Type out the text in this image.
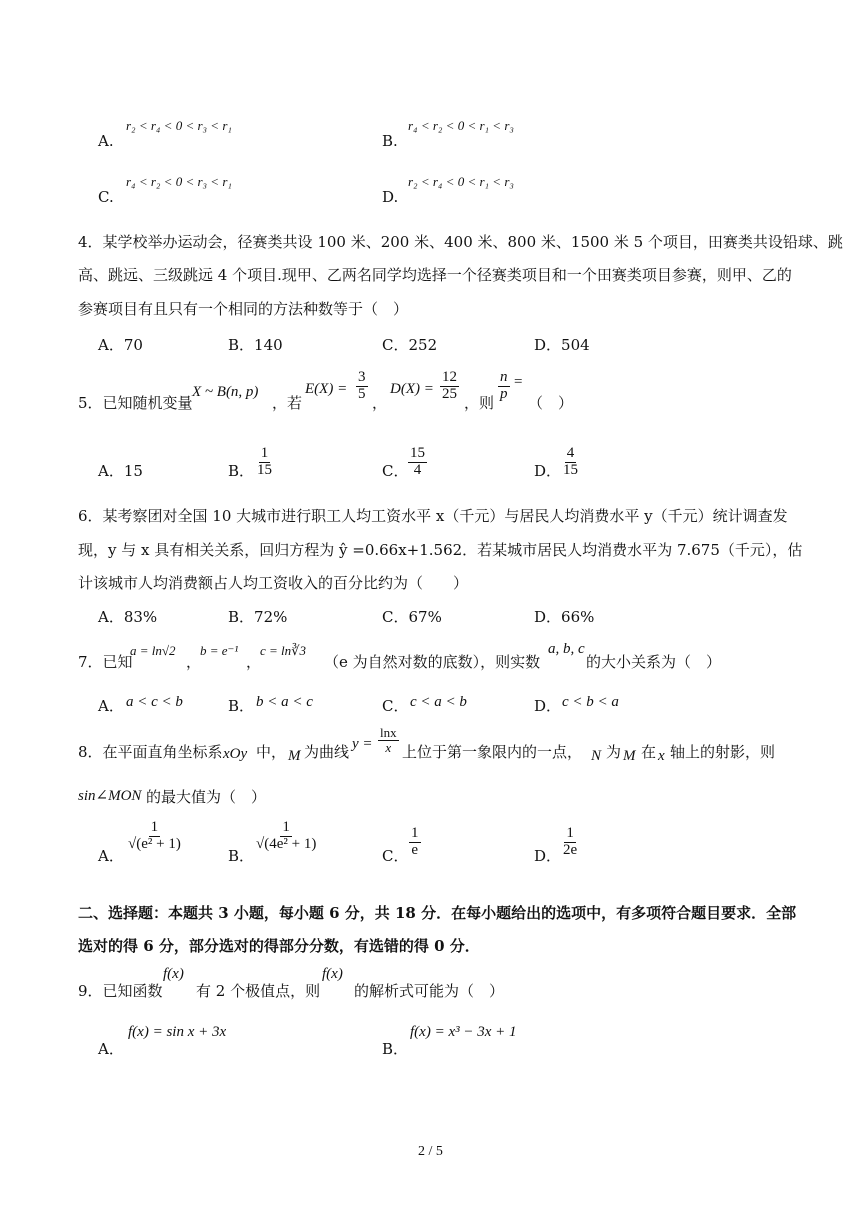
A.
r₂ < r₄ < 0 < r₃ < r₁
B.
r₄ < r₂ < 0 < r₁ < r₃
C.
r₄ < r₂ < 0 < r₃ < r₁
D.
r₂ < r₄ < 0 < r₁ < r₃
4．某学校举办运动会，径赛类共设 100 米、200 米、400 米、800 米、1500 米 5 个项目，田赛类共设铅球、跳
高、跳远、三级跳远 4 个项目.现甲、乙两名同学均选择一个径赛类项目和一个田赛类项目参赛，则甲、乙的
参赛项目有且只有一个相同的方法种数等于（　）
A．70	B．140	C．252	D．504
5．已知随机变量
X ~ B(n, p)
，若
$E(X) = \frac{3}{5}$
，
$D(X) = \frac{12}{25}$
，则
$\frac{n}{p}$ =
（　）
A．15	B． $\frac{1}{15}$	C． $\frac{15}{4}$	D． $\frac{4}{15}$
6．某考察团对全国 10 大城市进行职工人均工资水平 x（千元）与居民人均消费水平 y（千元）统计调查发
现，y 与 x 具有相关关系，回归方程为 ŷ =0.66x+1.562．若某城市居民人均消费水平为 7.675（千元），估
计该城市人均消费额占人均工资收入的百分比约为（　　）
A．83%	B．72%	C．67%	D．66%
7．已知
a = ln√2
，
b = e⁻¹
，
c = ln∛3
（e 为自然对数的底数），则实数
a, b, c
的大小关系为（　）
A． a < c < b	B． b < a < c	C． c < a < b	D． c < b < a
8．在平面直角坐标系 xOy 中， M 为曲线 $y = \frac{\ln x}{x}$ 上位于第一象限内的一点， N 为 M 在 x 轴上的射影，则
sin∠MON 的最大值为（　）
A．
$\frac{1}{\text{√(e² + 1)}}$
B．
$\frac{1}{\text{√(4e² + 1)}}$
C． $\frac{1}{e}$	D． $\frac{1}{2e}$
二、选择题：本题共 3 小题，每小题 6 分，共 18 分．在每小题给出的选项中，有多项符合题目要求．全部
选对的得 6 分，部分选对的得部分分数，有选错的得 0 分．
9．已知函数
f(x)
有 2 个极值点，则
f(x)
的解析式可能为（　）
A．
f(x) = sin x + 3x
B．
f(x) = x³ − 3x + 1
2 / 5
